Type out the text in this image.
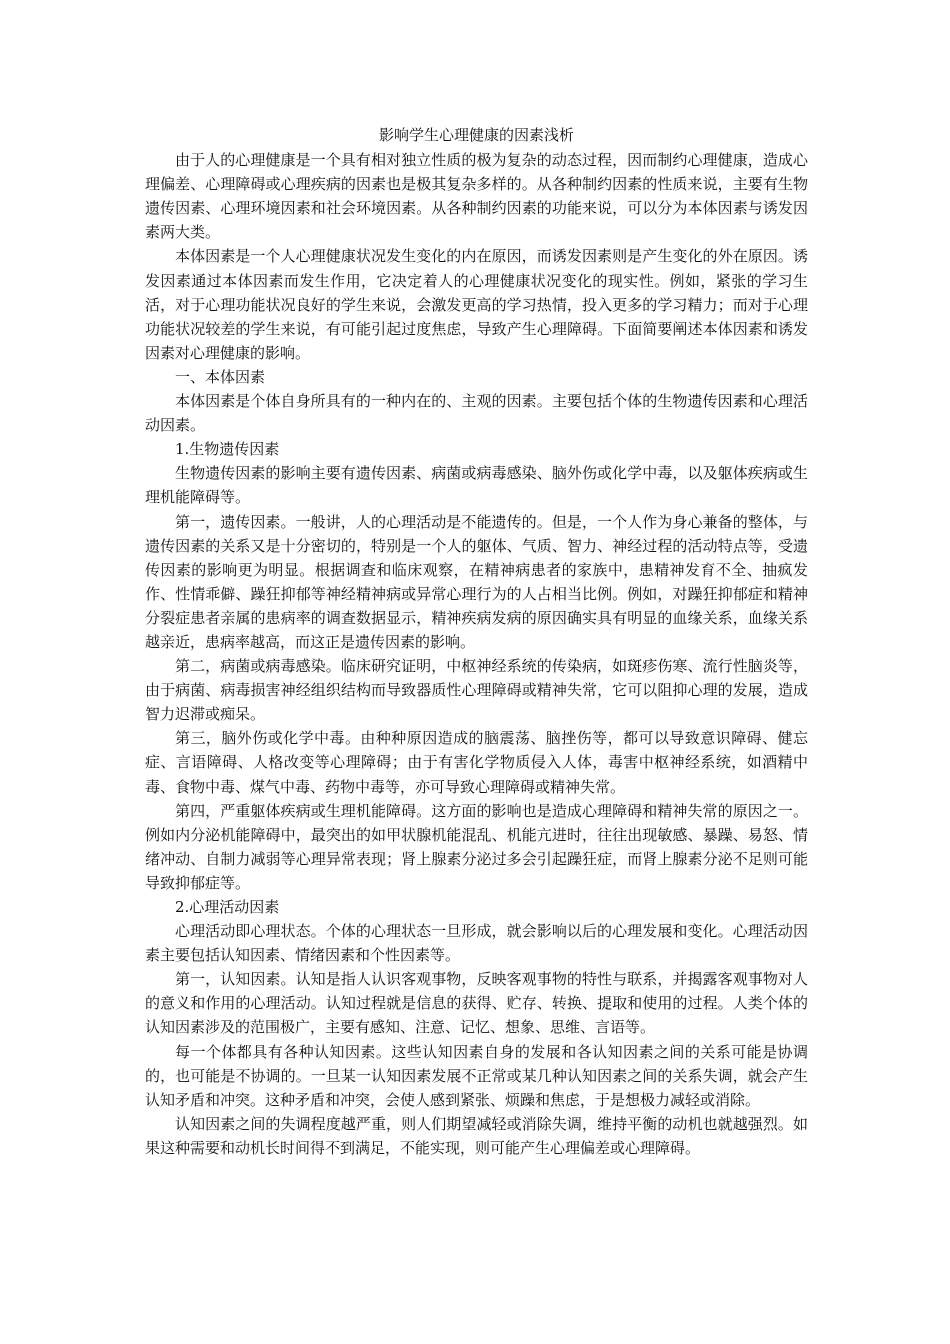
影响学生心理健康的因素浅析

由于人的心理健康是一个具有相对独立性质的极为复杂的动态过程，因而制约心理健康，造成心理偏差、心理障碍或心理疾病的因素也是极其复杂多样的。从各种制约因素的性质来说，主要有生物遗传因素、心理环境因素和社会环境因素。从各种制约因素的功能来说，可以分为本体因素与诱发因素两大类。

本体因素是一个人心理健康状况发生变化的内在原因，而诱发因素则是产生变化的外在原因。诱发因素通过本体因素而发生作用，它决定着人的心理健康状况变化的现实性。例如，紧张的学习生活，对于心理功能状况良好的学生来说，会激发更高的学习热情，投入更多的学习精力；而对于心理功能状况较差的学生来说，有可能引起过度焦虑，导致产生心理障碍。下面简要阐述本体因素和诱发因素对心理健康的影响。

一、本体因素

本体因素是个体自身所具有的一种内在的、主观的因素。主要包括个体的生物遗传因素和心理活动因素。

1.生物遗传因素

生物遗传因素的影响主要有遗传因素、病菌或病毒感染、脑外伤或化学中毒，以及躯体疾病或生理机能障碍等。

第一，遗传因素。一般讲，人的心理活动是不能遗传的。但是，一个人作为身心兼备的整体，与遗传因素的关系又是十分密切的，特别是一个人的躯体、气质、智力、神经过程的活动特点等，受遗传因素的影响更为明显。根据调查和临床观察，在精神病患者的家族中，患精神发育不全、抽疯发作、性情乖僻、躁狂抑郁等神经精神病或异常心理行为的人占相当比例。例如，对躁狂抑郁症和精神分裂症患者亲属的患病率的调查数据显示，精神疾病发病的原因确实具有明显的血缘关系，血缘关系越亲近，患病率越高，而这正是遗传因素的影响。

第二，病菌或病毒感染。临床研究证明，中枢神经系统的传染病，如斑疹伤寒、流行性脑炎等，由于病菌、病毒损害神经组织结构而导致器质性心理障碍或精神失常，它可以阻抑心理的发展，造成智力迟滞或痴呆。

第三，脑外伤或化学中毒。由种种原因造成的脑震荡、脑挫伤等，都可以导致意识障碍、健忘症、言语障碍、人格改变等心理障碍；由于有害化学物质侵入人体，毒害中枢神经系统，如酒精中毒、食物中毒、煤气中毒、药物中毒等，亦可导致心理障碍或精神失常。

第四，严重躯体疾病或生理机能障碍。这方面的影响也是造成心理障碍和精神失常的原因之一。例如内分泌机能障碍中，最突出的如甲状腺机能混乱、机能亢进时，往往出现敏感、暴躁、易怒、情绪冲动、自制力减弱等心理异常表现；肾上腺素分泌过多会引起躁狂症，而肾上腺素分泌不足则可能导致抑郁症等。

2.心理活动因素

心理活动即心理状态。个体的心理状态一旦形成，就会影响以后的心理发展和变化。心理活动因素主要包括认知因素、情绪因素和个性因素等。

第一，认知因素。认知是指人认识客观事物，反映客观事物的特性与联系，并揭露客观事物对人的意义和作用的心理活动。认知过程就是信息的获得、贮存、转换、提取和使用的过程。人类个体的认知因素涉及的范围极广，主要有感知、注意、记忆、想象、思维、言语等。

每一个体都具有各种认知因素。这些认知因素自身的发展和各认知因素之间的关系可能是协调的，也可能是不协调的。一旦某一认知因素发展不正常或某几种认知因素之间的关系失调，就会产生认知矛盾和冲突。这种矛盾和冲突，会使人感到紧张、烦躁和焦虑，于是想极力减轻或消除。

认知因素之间的失调程度越严重，则人们期望减轻或消除失调，维持平衡的动机也就越强烈。如果这种需要和动机长时间得不到满足，不能实现，则可能产生心理偏差或心理障碍。
